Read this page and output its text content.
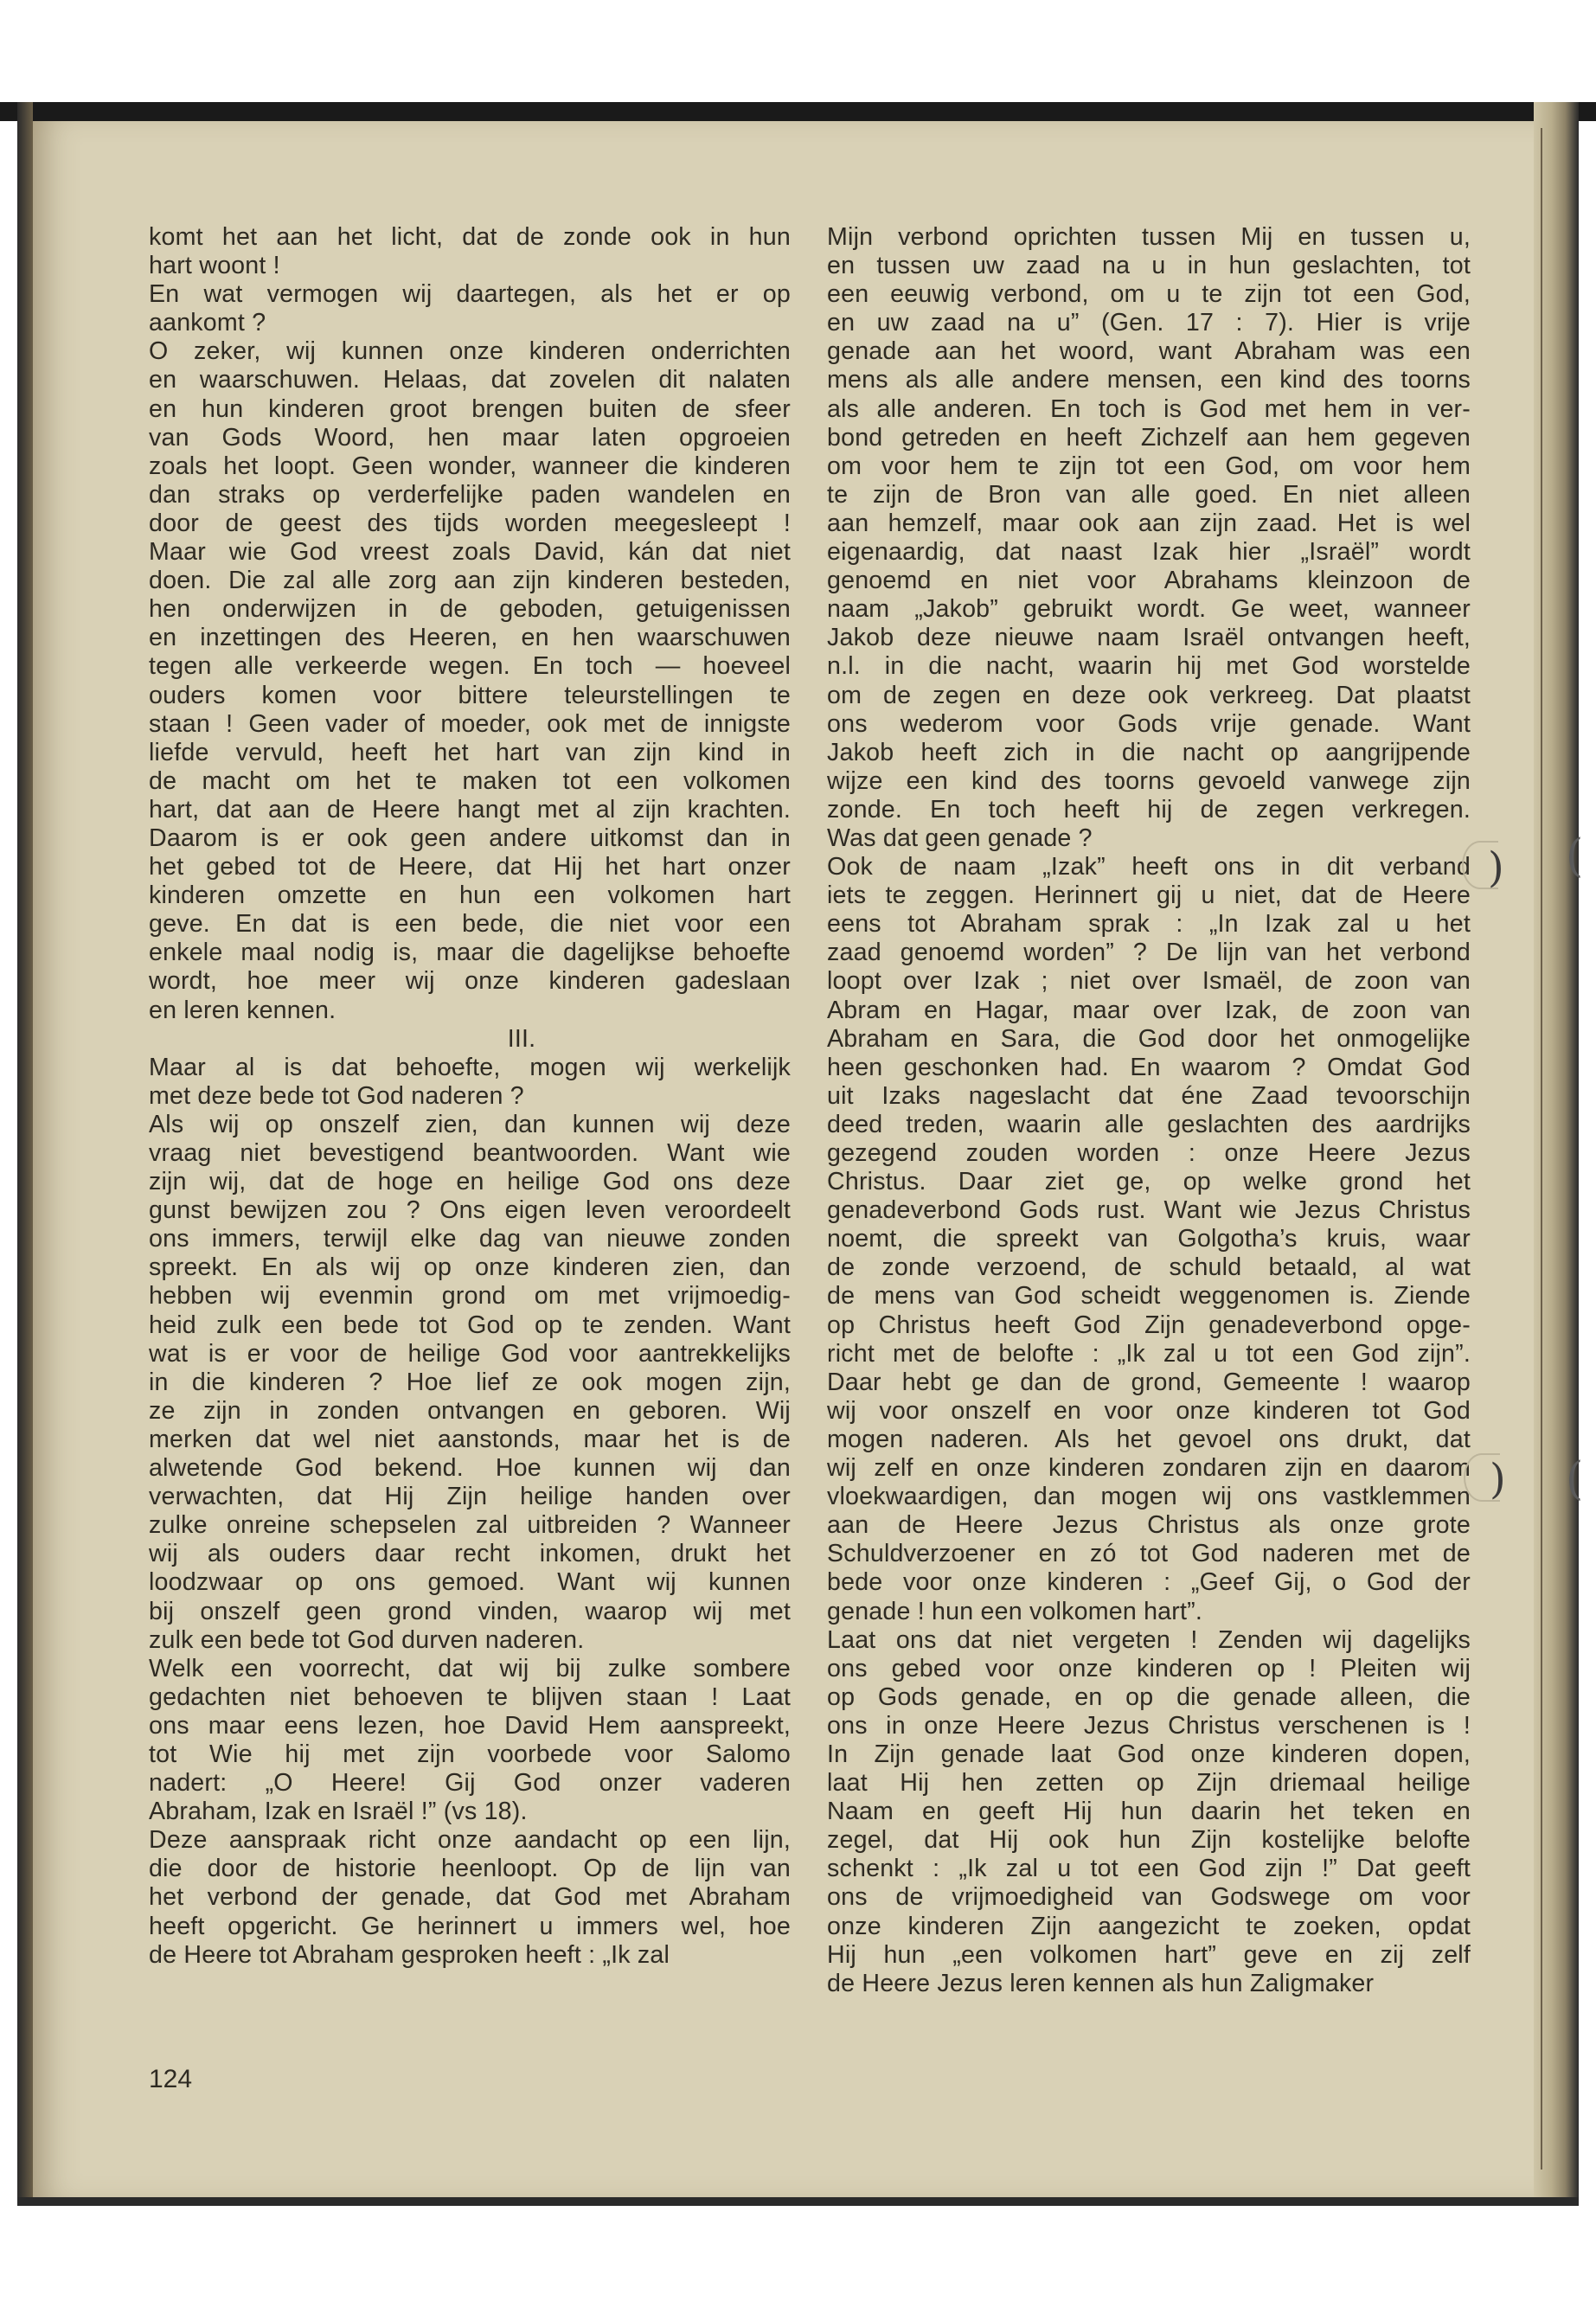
komt het aan het licht, dat de zonde ook in hun

hart woont !

En wat vermogen wij daartegen, als het er op

aankomt ?

O zeker, wij kunnen onze kinderen onderrichten

en waarschuwen. Helaas, dat zovelen dit nalaten

en hun kinderen groot brengen buiten de sfeer

van Gods Woord, hen maar laten opgroeien

zoals het loopt. Geen wonder, wanneer die kinderen

dan straks op verderfelijke paden wandelen en

door de geest des tijds worden meegesleept !

Maar wie God vreest zoals David, kán dat niet

doen. Die zal alle zorg aan zijn kinderen besteden,

hen onderwijzen in de geboden, getuigenissen

en inzettingen des Heeren, en hen waarschuwen

tegen alle verkeerde wegen. En toch — hoeveel

ouders komen voor bittere teleurstellingen te

staan ! Geen vader of moeder, ook met de innigste

liefde vervuld, heeft het hart van zijn kind in

de macht om het te maken tot een volkomen

hart, dat aan de Heere hangt met al zijn krachten.

Daarom is er ook geen andere uitkomst dan in

het gebed tot de Heere, dat Hij het hart onzer

kinderen omzette en hun een volkomen hart

geve. En dat is een bede, die niet voor een

enkele maal nodig is, maar die dagelijkse behoefte

wordt, hoe meer wij onze kinderen gadeslaan

en leren kennen.

III.

Maar al is dat behoefte, mogen wij werkelijk

met deze bede tot God naderen ?

Als wij op onszelf zien, dan kunnen wij deze

vraag niet bevestigend beantwoorden. Want wie

zijn wij, dat de hoge en heilige God ons deze

gunst bewijzen zou ? Ons eigen leven veroordeelt

ons immers, terwijl elke dag van nieuwe zonden

spreekt. En als wij op onze kinderen zien, dan

hebben wij evenmin grond om met vrijmoedig-

heid zulk een bede tot God op te zenden. Want

wat is er voor de heilige God voor aantrekkelijks

in die kinderen ? Hoe lief ze ook mogen zijn,

ze zijn in zonden ontvangen en geboren. Wij

merken dat wel niet aanstonds, maar het is de

alwetende God bekend. Hoe kunnen wij dan

verwachten, dat Hij Zijn heilige handen over

zulke onreine schepselen zal uitbreiden ? Wanneer

wij als ouders daar recht inkomen, drukt het

loodzwaar op ons gemoed. Want wij kunnen

bij onszelf geen grond vinden, waarop wij met

zulk een bede tot God durven naderen.

Welk een voorrecht, dat wij bij zulke sombere

gedachten niet behoeven te blijven staan ! Laat

ons maar eens lezen, hoe David Hem aanspreekt,

tot Wie hij met zijn voorbede voor Salomo

nadert: „O Heere! Gij God onzer vaderen

Abraham, Izak en Israël !” (vs 18).

Deze aanspraak richt onze aandacht op een lijn,

die door de historie heenloopt. Op de lijn van

het verbond der genade, dat God met Abraham

heeft opgericht. Ge herinnert u immers wel, hoe

de Heere tot Abraham gesproken heeft : „Ik zal

Mijn verbond oprichten tussen Mij en tussen u,

en tussen uw zaad na u in hun geslachten, tot

een eeuwig verbond, om u te zijn tot een God,

en uw zaad na u” (Gen. 17 : 7). Hier is vrije

genade aan het woord, want Abraham was een

mens als alle andere mensen, een kind des toorns

als alle anderen. En toch is God met hem in ver-

bond getreden en heeft Zichzelf aan hem gegeven

om voor hem te zijn tot een God, om voor hem

te zijn de Bron van alle goed. En niet alleen

aan hemzelf, maar ook aan zijn zaad. Het is wel

eigenaardig, dat naast Izak hier „Israël” wordt

genoemd en niet voor Abrahams kleinzoon de

naam „Jakob” gebruikt wordt. Ge weet, wanneer

Jakob deze nieuwe naam Israël ontvangen heeft,

n.l. in die nacht, waarin hij met God worstelde

om de zegen en deze ook verkreeg. Dat plaatst

ons wederom voor Gods vrije genade. Want

Jakob heeft zich in die nacht op aangrijpende

wijze een kind des toorns gevoeld vanwege zijn

zonde. En toch heeft hij de zegen verkregen.

Was dat geen genade ?

Ook de naam „Izak” heeft ons in dit verband

iets te zeggen. Herinnert gij u niet, dat de Heere

eens tot Abraham sprak : „In Izak zal u het

zaad genoemd worden” ? De lijn van het verbond

loopt over Izak ; niet over Ismaël, de zoon van

Abram en Hagar, maar over Izak, de zoon van

Abraham en Sara, die God door het onmogelijke

heen geschonken had. En waarom ? Omdat God

uit Izaks nageslacht dat éne Zaad tevoorschijn

deed treden, waarin alle geslachten des aardrijks

gezegend zouden worden : onze Heere Jezus

Christus. Daar ziet ge, op welke grond het

genadeverbond Gods rust. Want wie Jezus Christus

noemt, die spreekt van Golgotha’s kruis, waar

de zonde verzoend, de schuld betaald, al wat

de mens van God scheidt weggenomen is. Ziende

op Christus heeft God Zijn genadeverbond opge-

richt met de belofte : „Ik zal u tot een God zijn”.

Daar hebt ge dan de grond, Gemeente ! waarop

wij voor onszelf en voor onze kinderen tot God

mogen naderen. Als het gevoel ons drukt, dat

wij zelf en onze kinderen zondaren zijn en daarom

vloekwaardigen, dan mogen wij ons vastklemmen

aan de Heere Jezus Christus als onze grote

Schuldverzoener en zó tot God naderen met de

bede voor onze kinderen : „Geef Gij, o God der

genade ! hun een volkomen hart”.

Laat ons dat niet vergeten ! Zenden wij dagelijks

ons gebed voor onze kinderen op ! Pleiten wij

op Gods genade, en op die genade alleen, die

ons in onze Heere Jezus Christus verschenen is !

In Zijn genade laat God onze kinderen dopen,

laat Hij hen zetten op Zijn driemaal heilige

Naam en geeft Hij hun daarin het teken en

zegel, dat Hij ook hun Zijn kostelijke belofte

schenkt : „Ik zal u tot een God zijn !” Dat geeft

ons de vrijmoedigheid van Godswege om voor

onze kinderen Zijn aangezicht te zoeken, opdat

Hij hun „een volkomen hart” geve en zij zelf

de Heere Jezus leren kennen als hun Zaligmaker

124
) (
) (
